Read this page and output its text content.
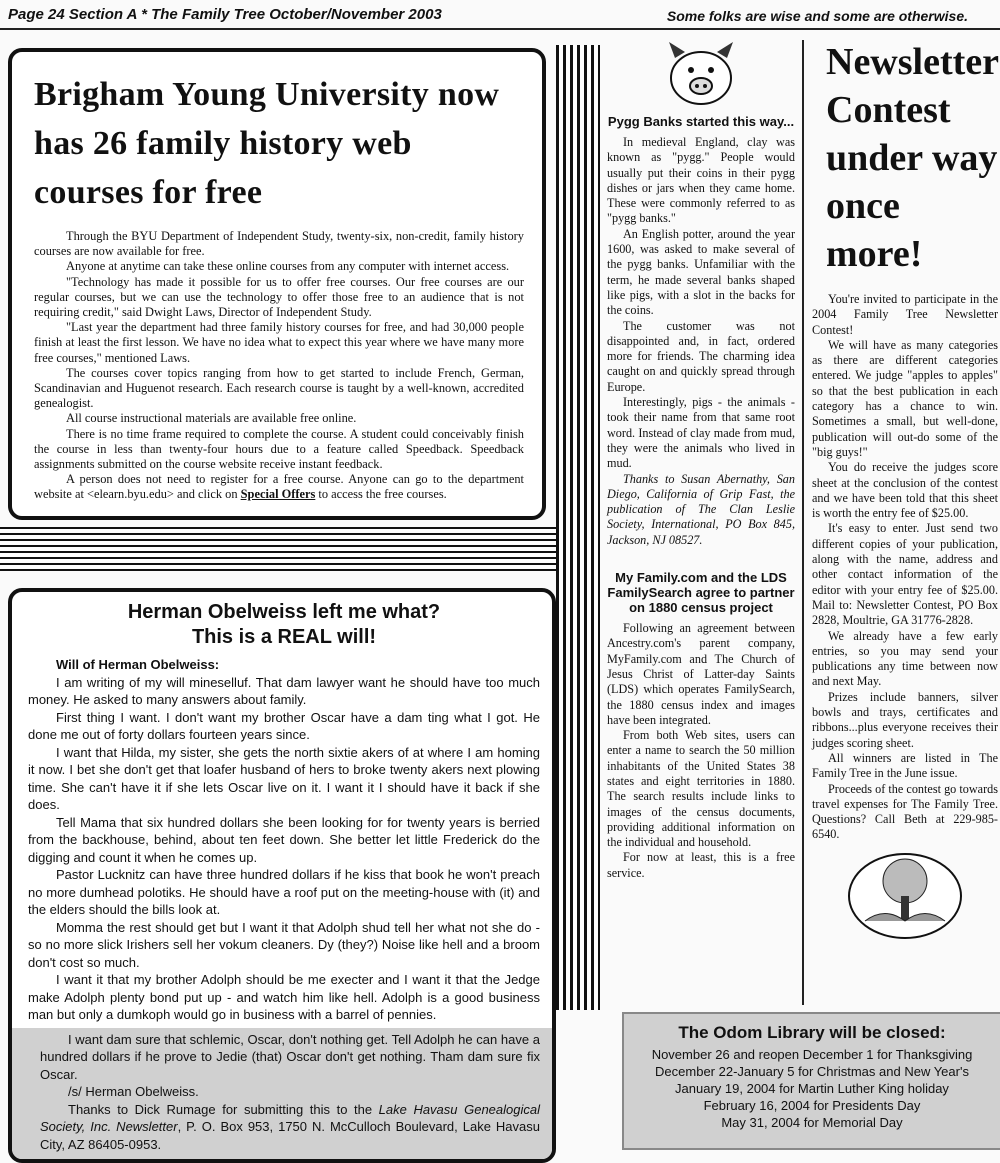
Page 24 Section A * The Family Tree October/November 2003	Some folks are wise and some are otherwise.
Brigham Young University now has 26 family history web courses for free

Through the BYU Department of Independent Study, twenty-six, non-credit, family history courses are now available for free.

Anyone at anytime can take these online courses from any computer with internet access.

"Technology has made it possible for us to offer free courses. Our free courses are our regular courses, but we can use the technology to offer those free to an audience that is not requiring credit," said Dwight Laws, Director of Independent Study.

"Last year the department had three family history courses for free, and had 30,000 people finish at least the first lesson. We have no idea what to expect this year where we have many more free courses," mentioned Laws.

The courses cover topics ranging from how to get started to include French, German, Scandinavian and Huguenot research. Each research course is taught by a well-known, accredited genealogist.

All course instructional materials are available free online.

There is no time frame required to complete the course. A student could conceivably finish the course in less than twenty-four hours due to a feature called Speedback. Speedback assignments submitted on the course website receive instant feedback.

A person does not need to register for a free course. Anyone can go to the department website at <elearn.byu.edu> and click on Special Offers to access the free courses.

Herman Obelweiss left me what?
This is a REAL will!

Will of Herman Obelweiss:

I am writing of my will mineselluf. That dam lawyer want he should have too much money. He asked to many answers about family.

First thing I want. I don't want my brother Oscar have a dam ting what I got. He done me out of forty dollars fourteen years since.

I want that Hilda, my sister, she gets the north sixtie akers of at where I am homing it now. I bet she don't get that loafer husband of hers to broke twenty akers next plowing time. She can't have it if she lets Oscar live on it. I want it I should have it back if she does.

Tell Mama that six hundred dollars she been looking for for twenty years is berried from the backhouse, behind, about ten feet down. She better let little Frederick do the digging and count it when he comes up.

Pastor Lucknitz can have three hundred dollars if he kiss that book he won't preach no more dumhead polotiks. He should have a roof put on the meeting-house with (it) and the elders should the bills look at.

Momma the rest should get but I want it that Adolph shud tell her what not she do - so no more slick Irishers sell her vokum cleaners. Dy (they?) Noise like hell and a broom don't cost so much.

I want it that my brother Adolph should be me execter and I want it that the Jedge make Adolph plenty bond put up - and watch him like hell. Adolph is a good business man but only a dumkoph would go in business with a barrel of pennies.

I want dam sure that schlemic, Oscar, don't nothing get. Tell Adolph he can have a hundred dollars if he prove to Jedie (that) Oscar don't get nothing. Tham dam sure fix Oscar.

/s/ Herman Obelweiss.

Thanks to Dick Rumage for submitting this to the Lake Havasu Genealogical Society, Inc. Newsletter, P. O. Box 953, 1750 N. McCulloch Boulevard, Lake Havasu City, AZ 86405-0953.

Pygg Banks started this way...

In medieval England, clay was known as "pygg." People would usually put their coins in their pygg dishes or jars when they came home. These were commonly referred to as "pygg banks."

An English potter, around the year 1600, was asked to make several of the pygg banks. Unfamiliar with the term, he made several banks shaped like pigs, with a slot in the backs for the coins.

The customer was not disappointed and, in fact, ordered more for friends. The charming idea caught on and quickly spread through Europe.

Interestingly, pigs - the animals - took their name from that same root word. Instead of clay made from mud, they were the animals who lived in mud.

Thanks to Susan Abernathy, San Diego, California of Grip Fast, the publication of The Clan Leslie Society, International, PO Box 845, Jackson, NJ 08527.

My Family.com and the LDS FamilySearch agree to partner on 1880 census project

Following an agreement between Ancestry.com's parent company, MyFamily.com and The Church of Jesus Christ of Latter-day Saints (LDS) which operates FamilySearch, the 1880 census index and images have been integrated.

From both Web sites, users can enter a name to search the 50 million inhabitants of the United States 38 states and eight territories in 1880. The search results include links to images of the census documents, providing additional information on the individual and household.

For now at least, this is a free service.

Newsletter Contest under way once more!

You're invited to participate in the 2004 Family Tree Newsletter Contest!

We will have as many categories as there are different categories entered. We judge "apples to apples" so that the best publication in each category has a chance to win. Sometimes a small, but well-done, publication will out-do some of the "big guys!"

You do receive the judges score sheet at the conclusion of the contest and we have been told that this sheet is worth the entry fee of $25.00.

It's easy to enter. Just send two different copies of your publication, along with the name, address and other contact information of the editor with your entry fee of $25.00. Mail to: Newsletter Contest, PO Box 2828, Moultrie, GA 31776-2828.

We already have a few early entries, so you may send your publications any time between now and next May.

Prizes include banners, silver bowls and trays, certificates and ribbons...plus everyone receives their judges scoring sheet.

All winners are listed in The Family Tree in the June issue.

Proceeds of the contest go towards travel expenses for The Family Tree. Questions? Call Beth at 229-985-6540.

The Odom Library will be closed:
November 26 and reopen December 1 for Thanksgiving
December 22-January 5 for Christmas and New Year's
January 19, 2004 for Martin Luther King holiday
February 16, 2004 for Presidents Day
May 31, 2004 for Memorial Day
